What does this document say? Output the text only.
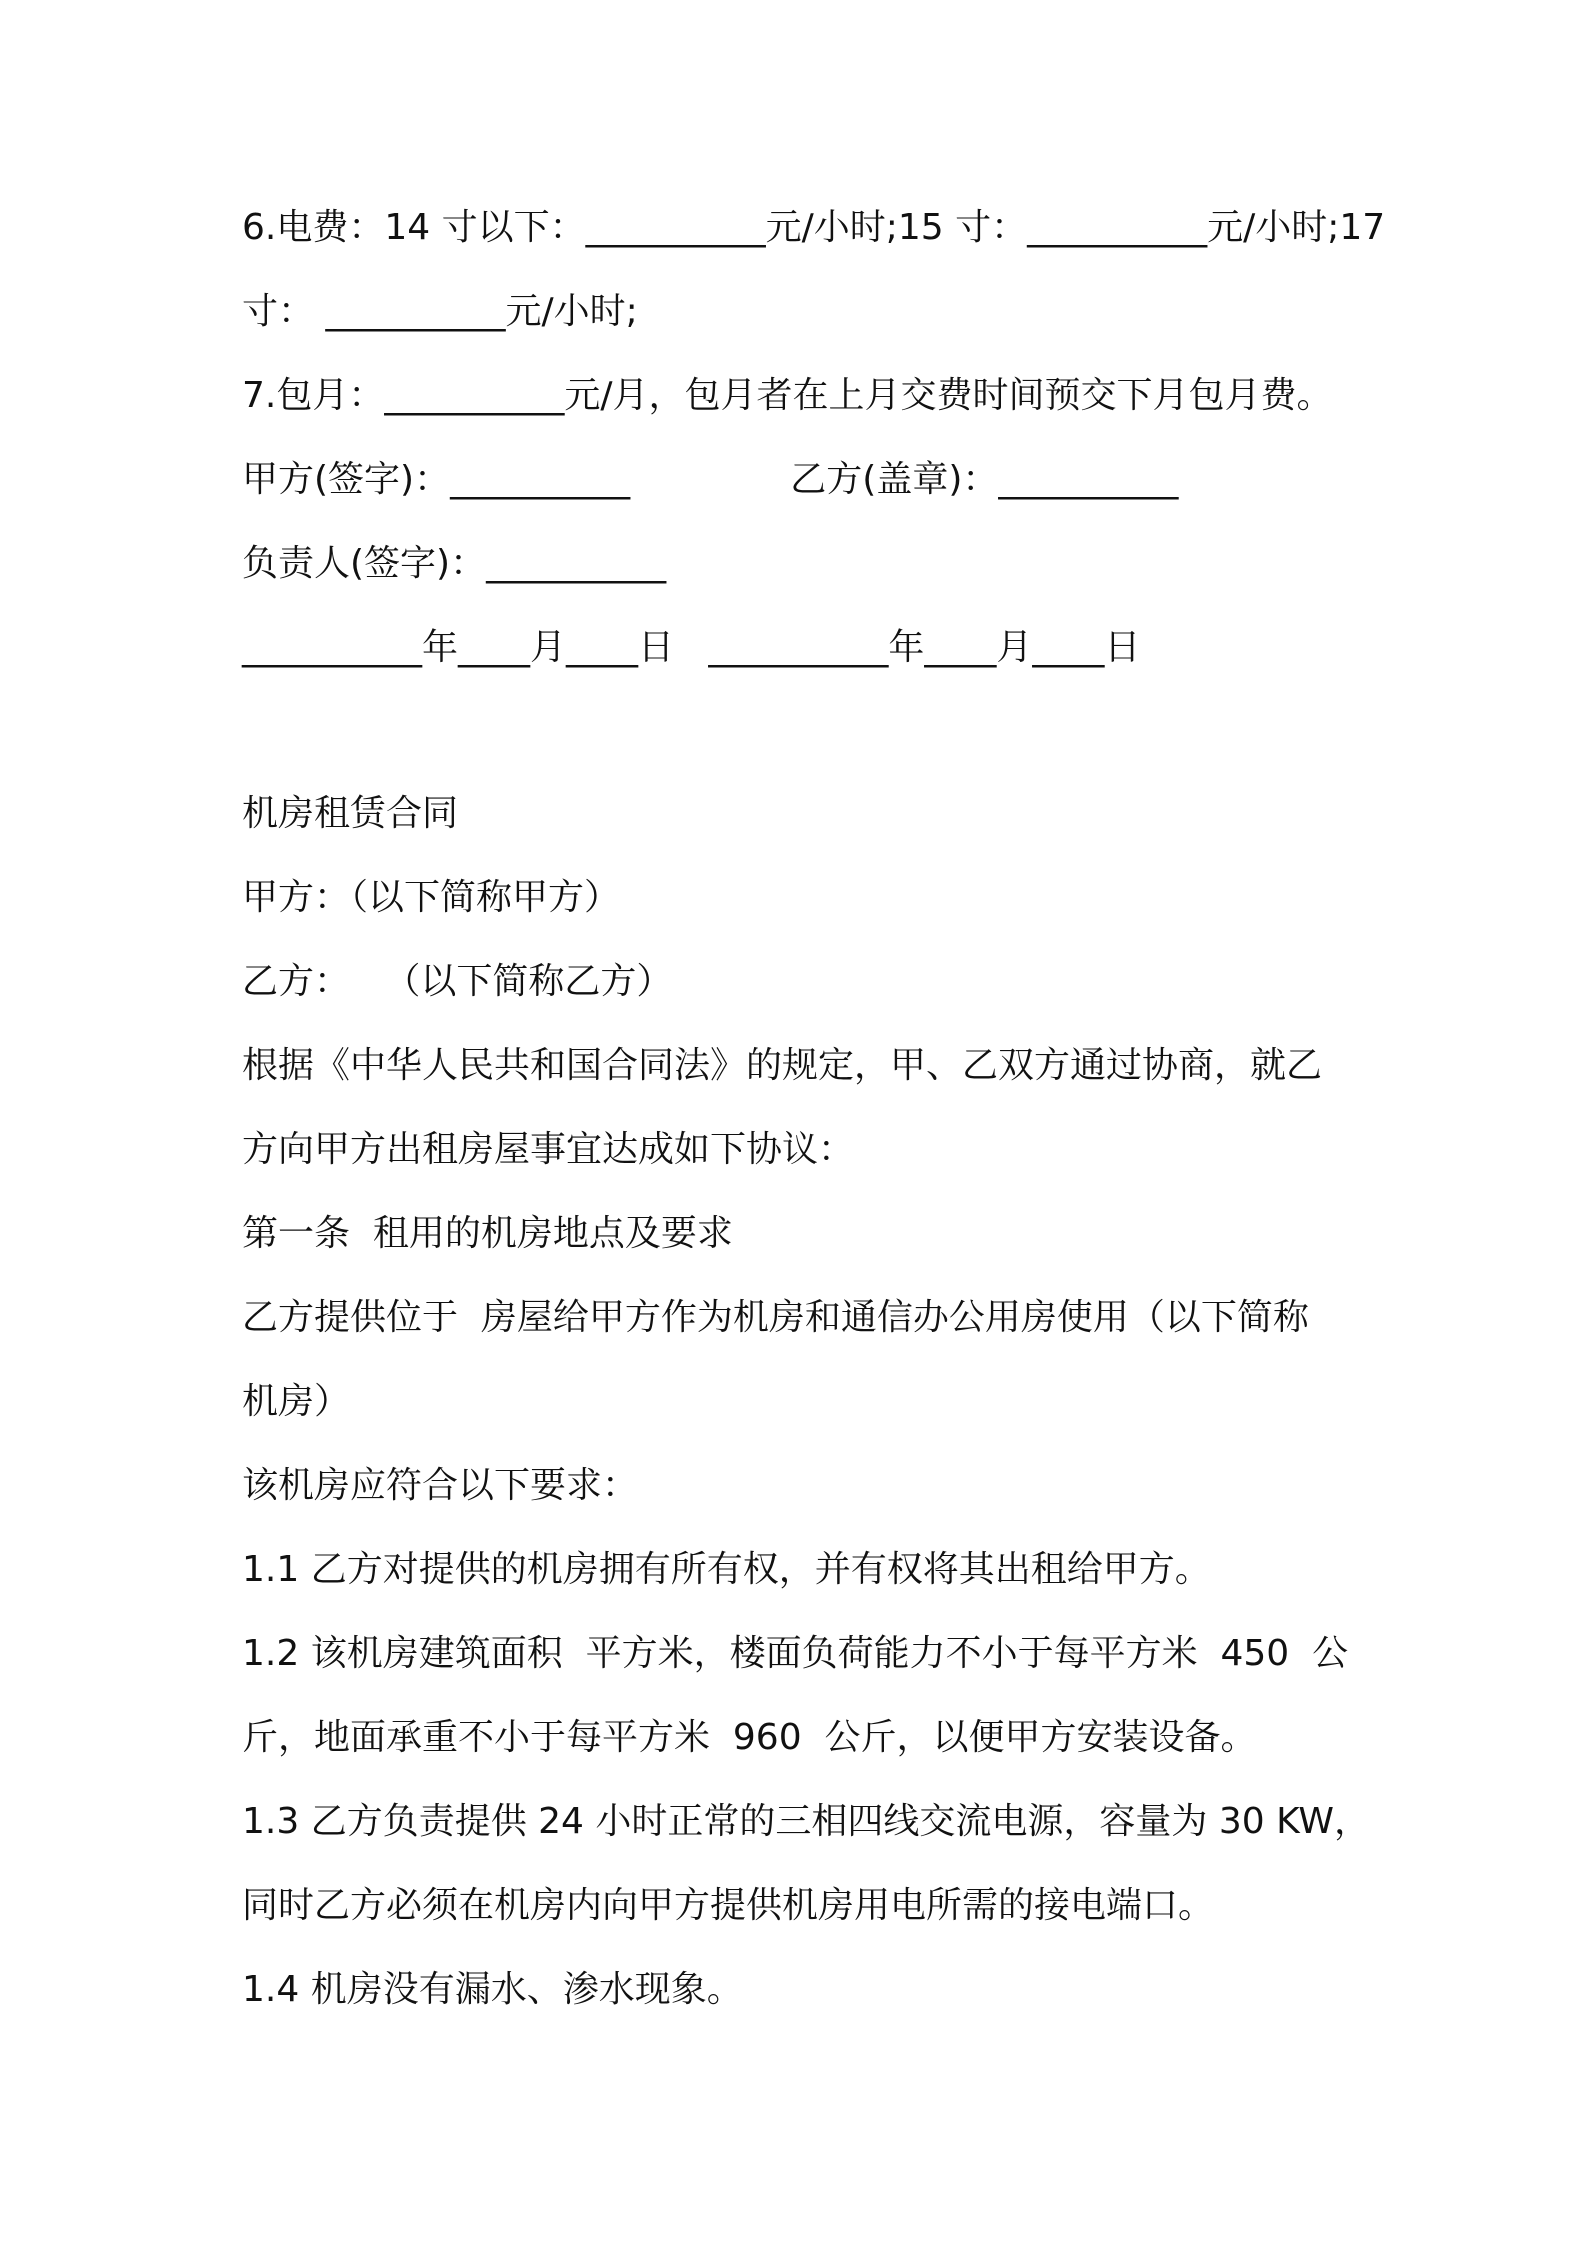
6.电费：14 寸以下：__________元/小时;15 寸：__________元/小时;17
寸： __________元/小时;
7.包月：__________元/月，包月者在上月交费时间预交下月包月费。
甲方(签字)：__________              乙方(盖章)：__________
负责人(签字)：__________
__________年____月____日   __________年____月____日
机房租赁合同
甲方：（以下简称甲方）
乙方：   （以下简称乙方）
根据《中华人民共和国合同法》的规定，甲、乙双方通过协商，就乙
方向甲方出租房屋事宜达成如下协议：
第一条  租用的机房地点及要求
乙方提供位于  房屋给甲方作为机房和通信办公用房使用（以下简称
机房）
该机房应符合以下要求：
1.1 乙方对提供的机房拥有所有权，并有权将其出租给甲方。
1.2 该机房建筑面积  平方米，楼面负荷能力不小于每平方米  450  公
斤，地面承重不小于每平方米  960  公斤，以便甲方安装设备。
1.3 乙方负责提供 24 小时正常的三相四线交流电源，容量为 30 KW，
同时乙方必须在机房内向甲方提供机房用电所需的接电端口。
1.4 机房没有漏水、渗水现象。
